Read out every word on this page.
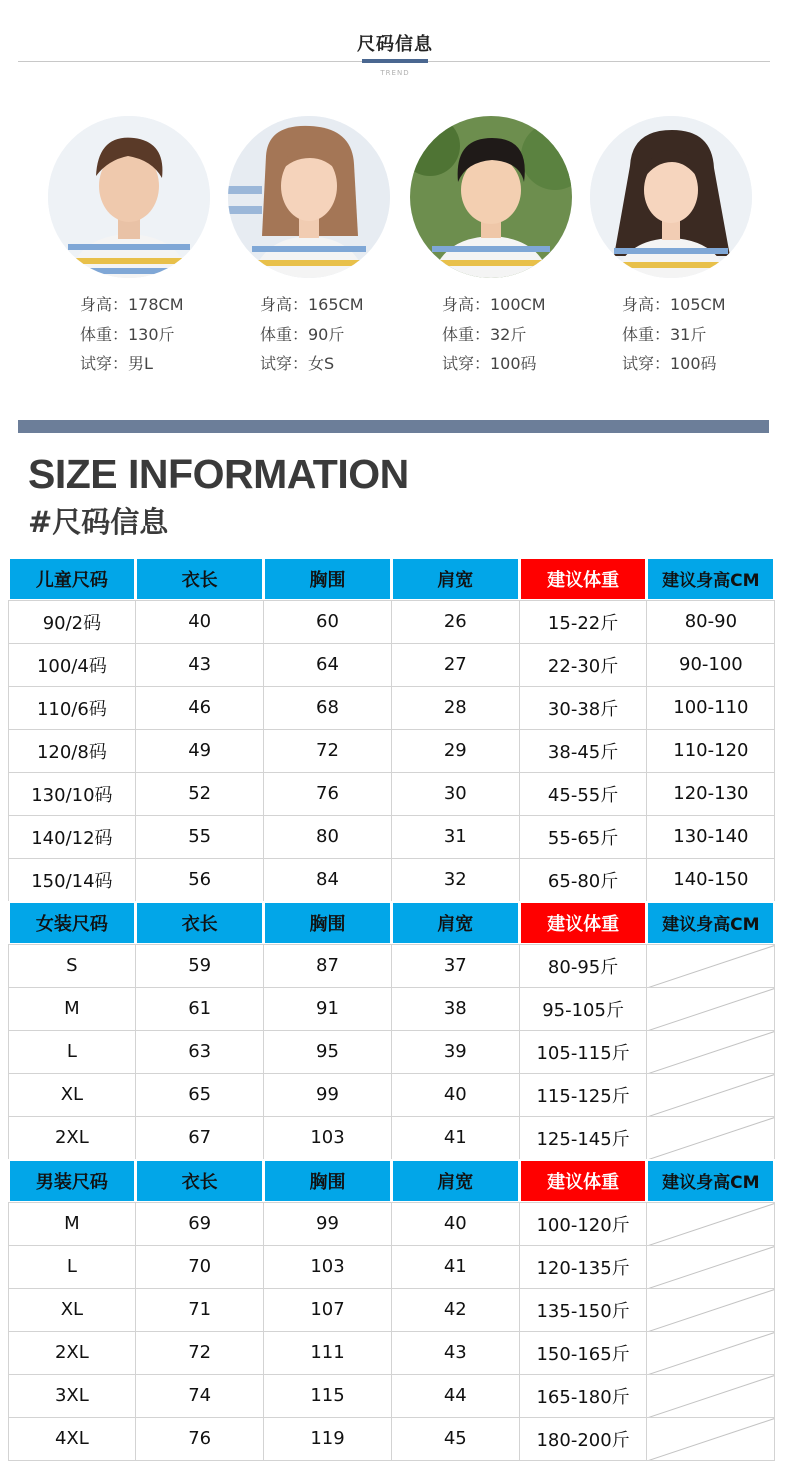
尺码信息
TREND
身高：178CM
体重：130斤
试穿：男L
身高：165CM
体重：90斤
试穿：女S
身高：100CM
体重：32斤
试穿：100码
身高：105CM
体重：31斤
试穿：100码
SIZE INFORMATION
#尺码信息
儿童尺码	衣长	胸围	肩宽	建议体重	建议身高CM
90/2码	40	60	26	15-22斤	80-90
100/4码	43	64	27	22-30斤	90-100
110/6码	46	68	28	30-38斤	100-110
120/8码	49	72	29	38-45斤	110-120
130/10码	52	76	30	45-55斤	120-130
140/12码	55	80	31	55-65斤	130-140
150/14码	56	84	32	65-80斤	140-150
女装尺码	衣长	胸围	肩宽	建议体重	建议身高CM
S	59	87	37	80-95斤
M	61	91	38	95-105斤
L	63	95	39	105-115斤
XL	65	99	40	115-125斤
2XL	67	103	41	125-145斤
男装尺码	衣长	胸围	肩宽	建议体重	建议身高CM
M	69	99	40	100-120斤
L	70	103	41	120-135斤
XL	71	107	42	135-150斤
2XL	72	111	43	150-165斤
3XL	74	115	44	165-180斤
4XL	76	119	45	180-200斤
